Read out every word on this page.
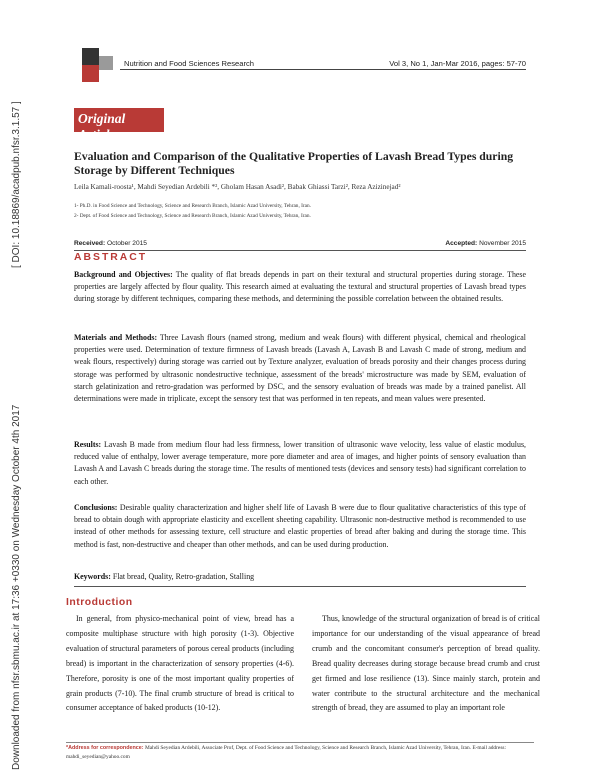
Downloaded from nfsr.sbmu.ac.ir at 17:36 +0330 on Wednesday October 4th 2017
[ DOI: 10.18869/acadpub.nfsr.3.1.57 ]
Nutrition and Food Sciences Research	Vol 3, No 1, Jan-Mar 2016, pages: 57-70
Original Article
Evaluation and Comparison of the Qualitative Properties of Lavash Bread Types during Storage by Different Techniques
Leila Kamali-roosta¹, Mahdi Seyedian Ardebili *², Gholam Hasan Asadi², Babak Ghiassi Tarzi², Reza Azizinejad²
1- Ph.D. in Food Science and Technology, Science and Research Branch, Islamic Azad University, Tehran, Iran.
2- Dept. of Food Science and Technology, Science and Research Branch, Islamic Azad University, Tehran, Iran.
Received: October 2015	Accepted: November 2015
ABSTRACT
Background and Objectives: The quality of flat breads depends in part on their textural and structural properties during storage. These properties are largely affected by flour quality. This research aimed at evaluating the textural and structural properties of Lavash bread types during storage by different techniques, comparing these methods, and determining the possible correlation between the obtained results.
Materials and Methods: Three Lavash flours (named strong, medium and weak flours) with different physical, chemical and rheological properties were used. Determination of texture firmness of Lavash breads (Lavash A, Lavash B and Lavash C made of strong, medium and weak flours, respectively) during storage was carried out by Texture analyzer, evaluation of breads porosity and their changes process during storage was performed by ultrasonic nondestructive technique, assessment of the breads' microstructure was made by SEM, evaluation of starch gelatinization and retro-gradation was performed by DSC, and the sensory evaluation of breads was made by a trained panelist. All determinations were made in triplicate, except the sensory test that was performed in ten repeats, and mean values were presented.
Results: Lavash B made from medium flour had less firmness, lower transition of ultrasonic wave velocity, less value of elastic modulus, reduced value of enthalpy, lower average temperature, more pore diameter and area of images, and higher points of sensory evaluation than Lavash A and Lavash C breads during the storage time. The results of mentioned tests (devices and sensory tests) had significant correlation to each other.
Conclusions: Desirable quality characterization and higher shelf life of Lavash B were due to flour qualitative characteristics of this type of bread to obtain dough with appropriate elasticity and excellent sheeting capability. Ultrasonic non-destructive method is recommended to use instead of other methods for assessing texture, cell structure and elastic properties of bread after baking and during the storage time. This method is fast, non-destructive and cheaper than other methods, and can be used during production.
Keywords: Flat bread, Quality, Retro-gradation, Stalling
Introduction
In general, from physico-mechanical point of view, bread has a composite multiphase structure with high porosity (1-3). Objective evaluation of structural parameters of porous cereal products (including bread) is important in the characterization of sensory properties (4-6). Therefore, porosity is one of the most important quality properties of grain products (7-10). The final crumb structure of bread is critical to consumer acceptance of baked products (10-12).
Thus, knowledge of the structural organization of bread is of critical importance for our understanding of the visual appearance of bread crumb and the concomitant consumer's perception of bread quality. Bread quality decreases during storage because bread crumb and crust get firmed and lose resilience (13). Since mainly starch, protein and water contribute to the structural architecture and the mechanical strength of bread, they are assumed to play an important role
*Address for correspondence: Mahdi Seyedian Ardebili, Associate Prof, Dept. of Food Science and Technology, Science and Research Branch, Islamic Azad University, Tehran, Iran. E-mail address: mahdi_seyedian@yahoo.com
